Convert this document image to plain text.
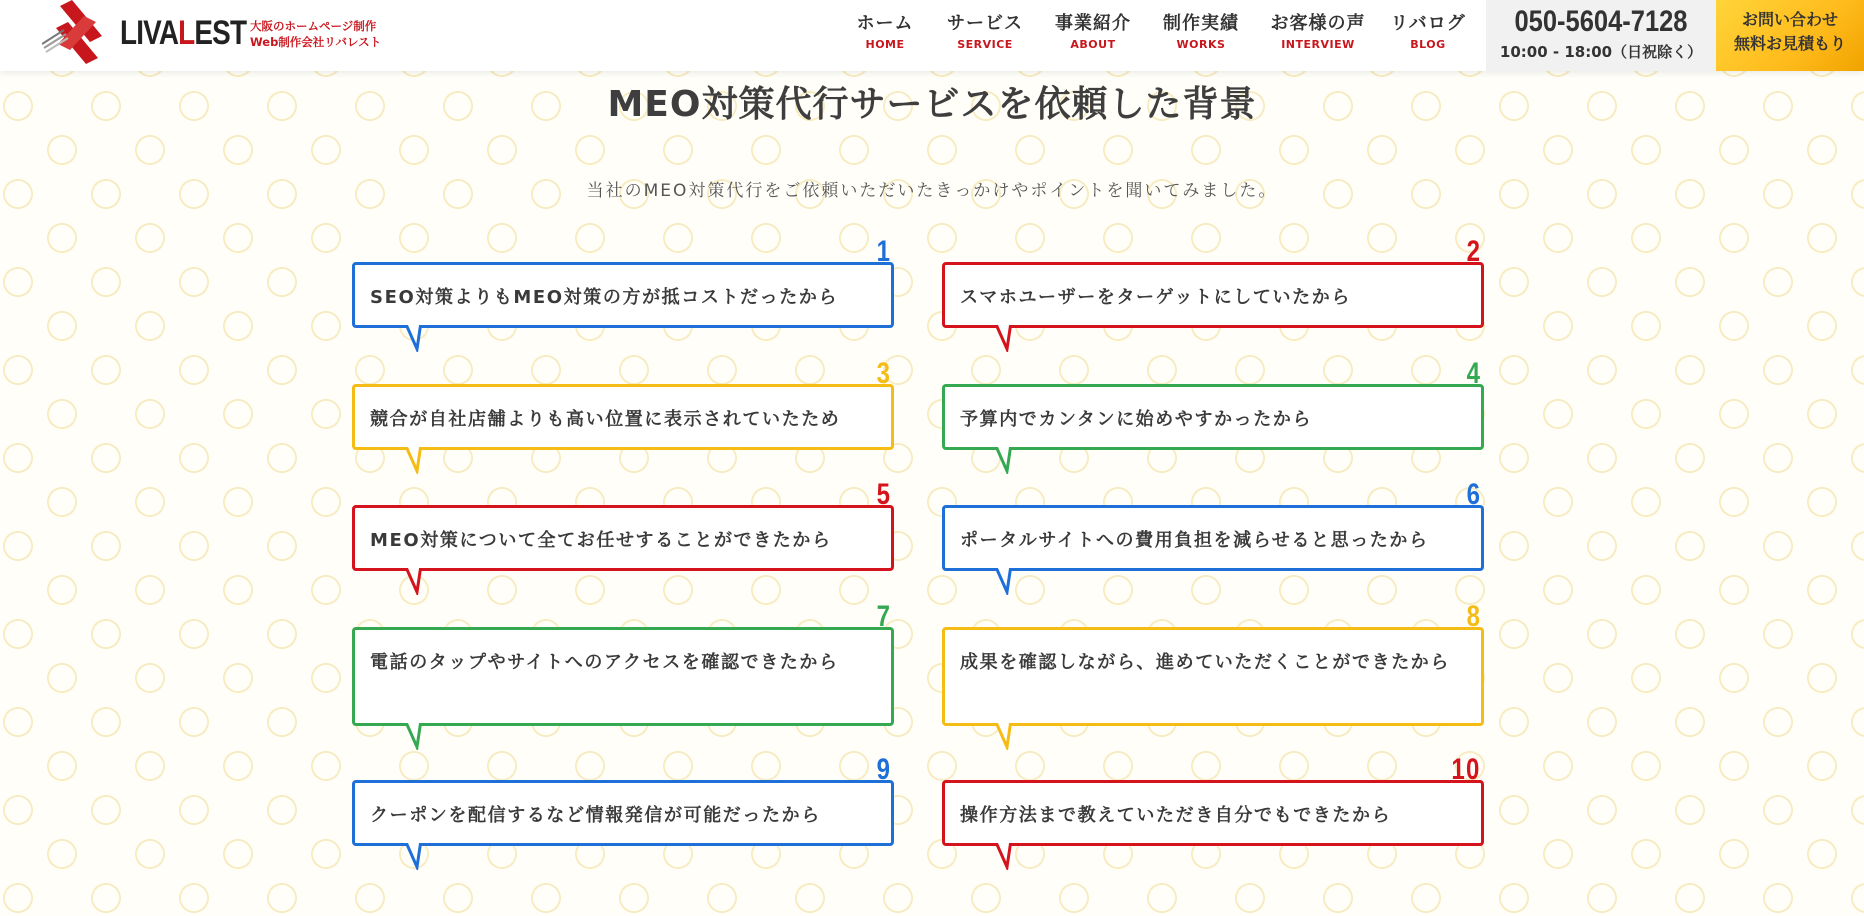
LIVALEST 大阪のホームページ制作
Web制作会社リバレスト
ホーム
HOME
サービス
SERVICE
事業紹介
ABOUT
制作実績
WORKS
お客様の声
INTERVIEW
リバログ
BLOG
050-5604-7128
10:00 - 18:00（日祝除く）
お問い合わせ
無料お見積もり
MEO対策代行サービスを依頼した背景

当社のMEO対策代行をご依頼いただいたきっかけやポイントを聞いてみました。

1
SEO対策よりもMEO対策の方が抵コストだったから
2
スマホユーザーをターゲットにしていたから
3
競合が自社店舗よりも高い位置に表示されていたため
4
予算内でカンタンに始めやすかったから
5
MEO対策について全てお任せすることができたから
6
ポータルサイトへの費用負担を減らせると思ったから
7
電話のタップやサイトへのアクセスを確認できたから
8
成果を確認しながら、進めていただくことができたから
9
クーポンを配信するなど情報発信が可能だったから
10
操作方法まで教えていただき自分でもできたから
